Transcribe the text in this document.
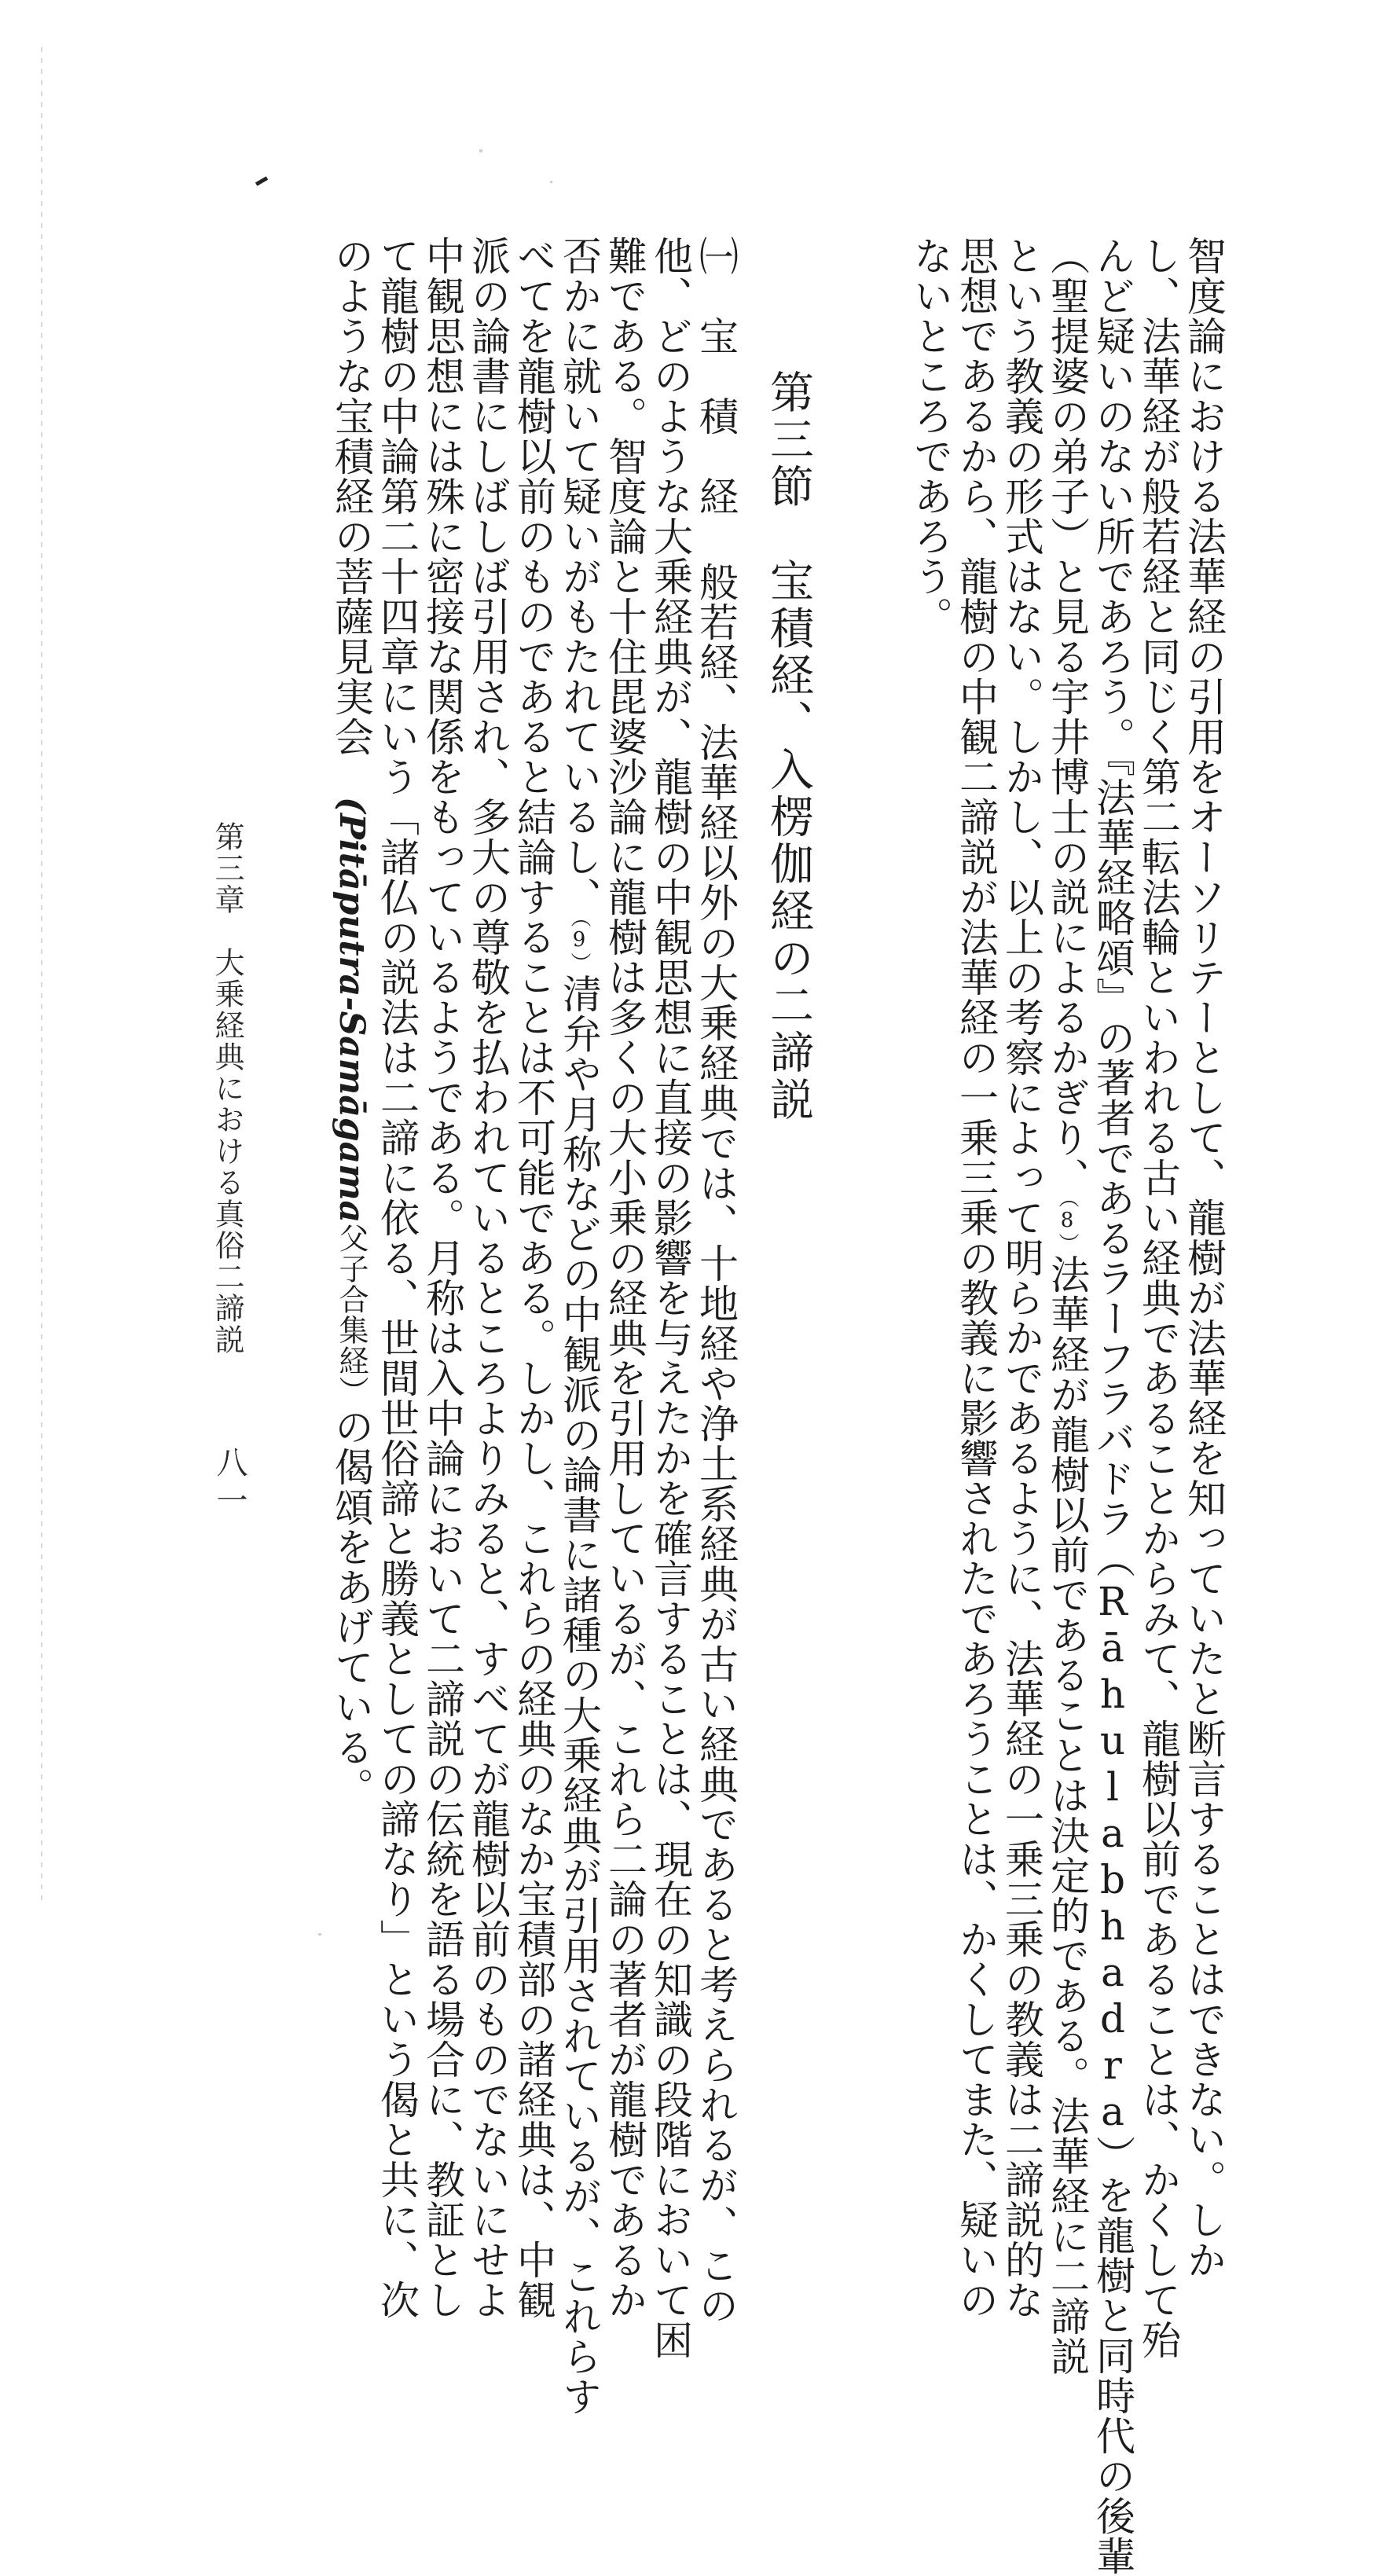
智度論における法華経の引用をオーソリテーとして、龍樹が法華経を知っていたと断言することはできない。しか
し、法華経が般若経と同じく第二転法輪といわれる古い経典であることからみて、龍樹以前であることは、かくして殆
んど疑いのない所であろう。『法華経略頌』の著者であるラーフラバドラ（Rāhulabhadra）を龍樹と同時代の後輩
（聖提婆の弟子）と見る宇井博士の説によるかぎり、（8）法華経が龍樹以前であることは決定的である。法華経に二諦説
という教義の形式はない。しかし、以上の考察によって明らかであるように、法華経の一乗三乗の教義は二諦説的な
思想であるから、龍樹の中観二諦説が法華経の一乗三乗の教義に影響されたであろうことは、かくしてまた、疑いの
ないところであろう。
第三節　宝積経、入楞伽経の二諦説
㈠　宝　積　経般若経、法華経以外の大乗経典では、十地経や浄土系経典が古い経典であると考えられるが、この
他、どのような大乗経典が、龍樹の中観思想に直接の影響を与えたかを確言することは、現在の知識の段階において困
難である。智度論と十住毘婆沙論に龍樹は多くの大小乗の経典を引用しているが、これら二論の著者が龍樹であるか
否かに就いて疑いがもたれているし、（9）清弁や月称などの中観派の論書に諸種の大乗経典が引用されているが、これらす
べてを龍樹以前のものであると結論することは不可能である。しかし、これらの経典のなか宝積部の諸経典は、中観
派の論書にしばしば引用され、多大の尊敬を払われているところよりみると、すべてが龍樹以前のものでないにせよ
中観思想には殊に密接な関係をもっているようである。月称は入中論において二諦説の伝統を語る場合に、教証とし
て龍樹の中論第二十四章にいう「諸仏の説法は二諦に依る、世間世俗諦と勝義としての諦なり」という偈と共に、次
のような宝積経の菩薩見実会　(Pitāputra-Samāgama父子合集経）の偈頌をあげている。
第三章　大乗経典における真俗二諦説
八一
